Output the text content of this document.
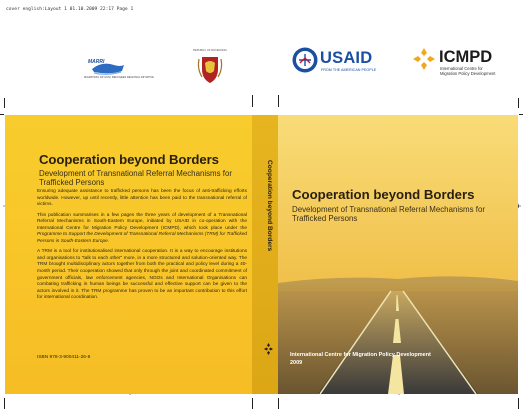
cover english:Layout 1 01.10.2009 22:17 Page 1
MARRI
MIGRATION, ASYLUM, REFUGEES REGIONAL INITIATIVE
REPUBLIC OF MACEDONIA	USAID
FROM THE AMERICAN PEOPLE
ICMPD
International Centre for
Migration Policy Development
Cooperation beyond Borders
Development of Transnational Referral Mechanisms for Trafficked Persons

Ensuring adequate assistance to trafficked persons has been the focus of anti-trafficking efforts worldwide. However, up until recently, little attention has been paid to the transnational referral of victims.

This publication summarises in a few pages the three years of development of a Transnational Referral Mechanisms in South-Eastern Europe, initiated by USAID in co-operation with the International Centre for Migration Policy Development (ICMPD), which took place under the Programme to Support the Development of Transnational Referral Mechanisms (TRM) for Trafficked Persons in South-Eastern Europe.

A TRM is a tool for institutionalised international cooperation. It is a way to encourage institutions and organisations to "talk to each other" more, in a more structured and solution-oriented way. The TRM brought multidisciplinary actors together from both the practical and policy level during a 40-month period. Their cooperation showed that only through the joint and coordinated commitment of government officials, law enforcement agencies, NGOs and International Organisations can combating trafficking in human beings be successful and effective support can be given to the actors involved in it. The TRM programme has proven to be an important contribution to this effort for international coordination.

ISBN 978-3-900411-26-8
Cooperation beyond Borders Cooperation beyond Borders
Development of Transnational Referral Mechanisms for Trafficked Persons
International Centre for Migration Policy Development
2009
